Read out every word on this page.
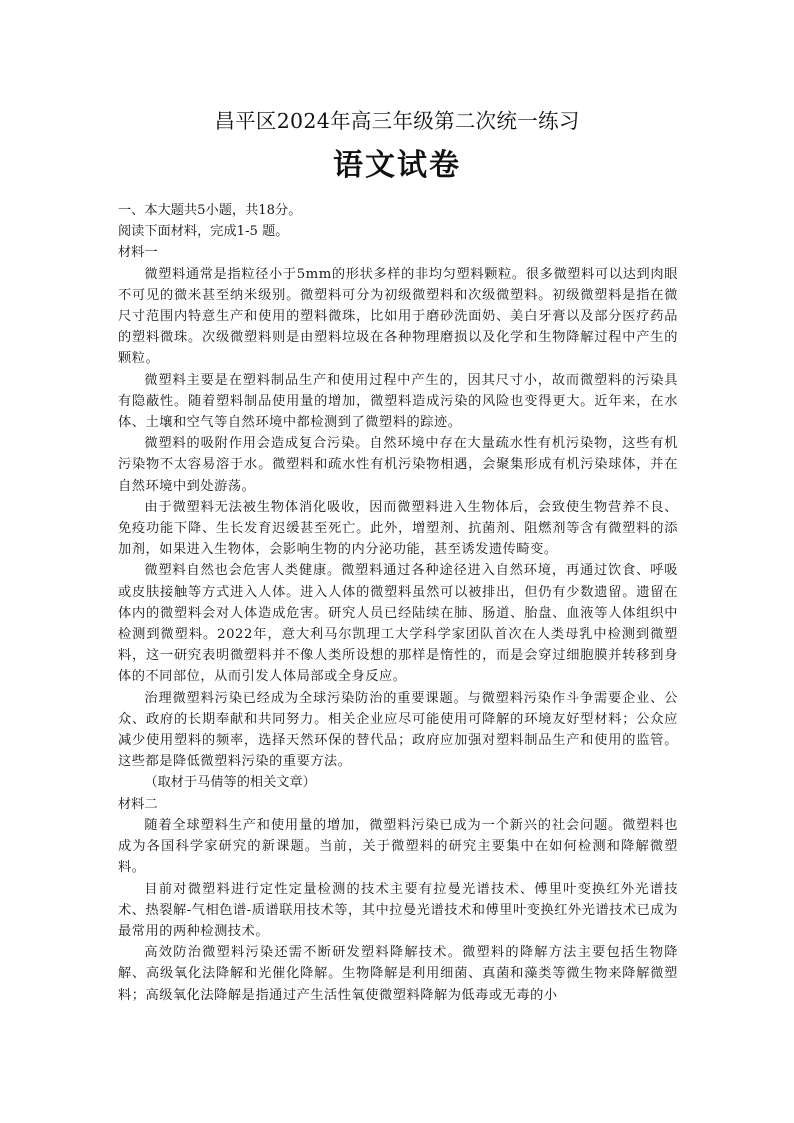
昌平区2024年高三年级第二次统一练习
语文试卷

一、本大题共5小题，共18分。

阅读下面材料，完成1-5 题。

材料一

微塑料通常是指粒径小于5mm的形状多样的非均匀塑料颗粒。很多微塑料可以达到肉眼不可见的微米甚至纳米级别。微塑料可分为初级微塑料和次级微塑料。初级微塑料是指在微尺寸范围内特意生产和使用的塑料微珠，比如用于磨砂洗面奶、美白牙膏以及部分医疗药品的塑料微珠。次级微塑料则是由塑料垃圾在各种物理磨损以及化学和生物降解过程中产生的颗粒。

微塑料主要是在塑料制品生产和使用过程中产生的，因其尺寸小，故而微塑料的污染具有隐蔽性。随着塑料制品使用量的增加，微塑料造成污染的风险也变得更大。近年来，在水体、土壤和空气等自然环境中都检测到了微塑料的踪迹。

微塑料的吸附作用会造成复合污染。自然环境中存在大量疏水性有机污染物，这些有机污染物不太容易溶于水。微塑料和疏水性有机污染物相遇，会聚集形成有机污染球体，并在自然环境中到处游荡。

由于微塑料无法被生物体消化吸收，因而微塑料进入生物体后，会致使生物营养不良、免疫功能下降、生长发育迟缓甚至死亡。此外，增塑剂、抗菌剂、阻燃剂等含有微塑料的添加剂，如果进入生物体，会影响生物的内分泌功能，甚至诱发遗传畸变。

微塑料自然也会危害人类健康。微塑料通过各种途径进入自然环境，再通过饮食、呼吸或皮肤接触等方式进入人体。进入人体的微塑料虽然可以被排出，但仍有少数遗留。遗留在体内的微塑料会对人体造成危害。研究人员已经陆续在肺、肠道、胎盘、血液等人体组织中检测到微塑料。2022年，意大利马尔凯理工大学科学家团队首次在人类母乳中检测到微塑料，这一研究表明微塑料并不像人类所设想的那样是惰性的，而是会穿过细胞膜并转移到身体的不同部位，从而引发人体局部或全身反应。

治理微塑料污染已经成为全球污染防治的重要课题。与微塑料污染作斗争需要企业、公众、政府的长期奉献和共同努力。相关企业应尽可能使用可降解的环境友好型材料；公众应减少使用塑料的频率，选择天然环保的替代品；政府应加强对塑料制品生产和使用的监管。这些都是降低微塑料污染的重要方法。

（取材于马倩等的相关文章）

材料二

随着全球塑料生产和使用量的增加，微塑料污染已成为一个新兴的社会问题。微塑料也成为各国科学家研究的新课题。当前，关于微塑料的研究主要集中在如何检测和降解微塑料。

目前对微塑料进行定性定量检测的技术主要有拉曼光谱技术、傅里叶变换红外光谱技术、热裂解-气相色谱-质谱联用技术等，其中拉曼光谱技术和傅里叶变换红外光谱技术已成为最常用的两种检测技术。

高效防治微塑料污染还需不断研发塑料降解技术。微塑料的降解方法主要包括生物降解、高级氧化法降解和光催化降解。生物降解是利用细菌、真菌和藻类等微生物来降解微塑料；高级氧化法降解是指通过产生活性氧使微塑料降解为低毒或无毒的小
